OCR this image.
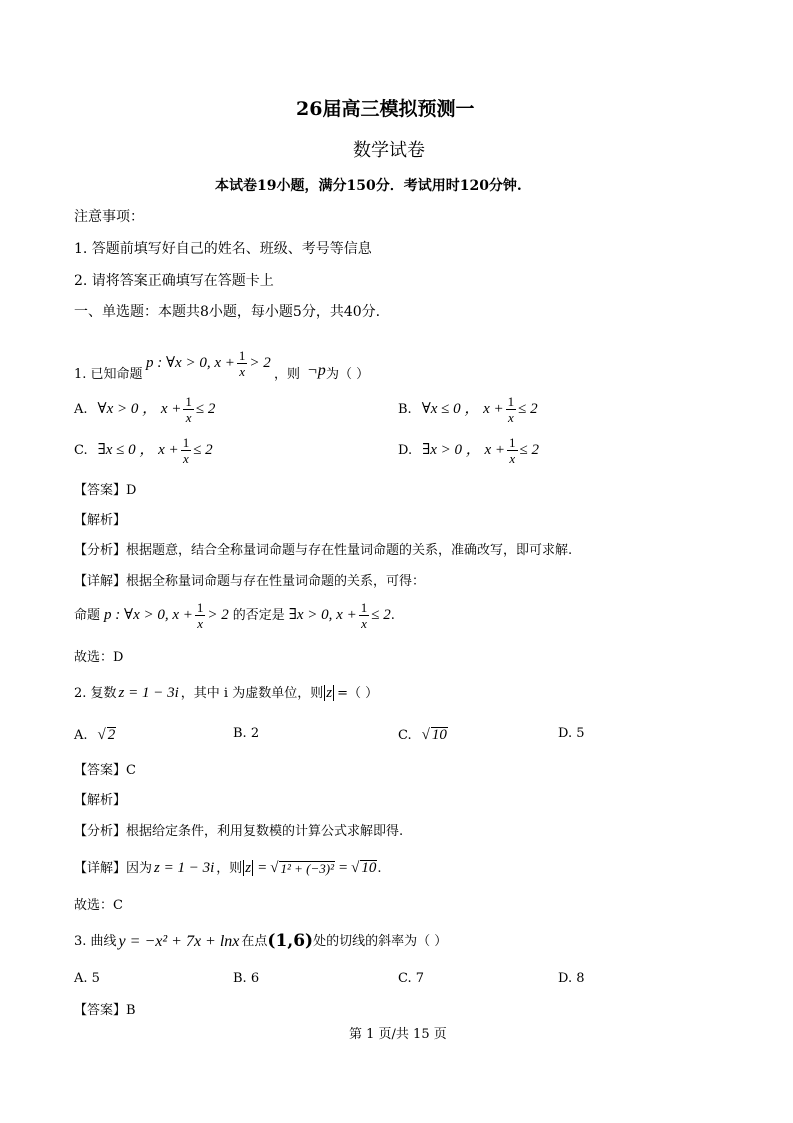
26届高三模拟预测一
数学试卷
本试卷19小题，满分150分．考试用时120分钟.
注意事项：
1. 答题前填写好自己的姓名、班级、考号等信息
2. 请将答案正确填写在答题卡上
一、单选题：本题共8小题，每小题5分，共40分.
1. 已知命题
p : ∀x > 0, $x + \frac{1}{x} > 2$
，则 ¬p 为（ ）
A. ∀x > 0 ， $x + \frac{1}{x} \le 2$	B. ∀x ≤ 0 ， $x + \frac{1}{x} \le 2$
C. ∃x ≤ 0 ， $x + \frac{1}{x} \le 2$	D. ∃x > 0 ， $x + \frac{1}{x} \le 2$
【答案】D
【解析】
【分析】根据题意，结合全称量词命题与存在性量词命题的关系，准确改写，即可求解.
【详解】根据全称量词命题与存在性量词命题的关系，可得：
命题 p : ∀x > 0, $x + \frac{1}{x} > 2$ 的否定是 ∃x > 0, $x + \frac{1}{x} \le 2$ .
故选：D
2. 复数 z = 1 − 3i ，其中 i 为虚数单位，则 z =（ ）
A. √ 2	B. 2	C. √ 10	D. 5
【答案】C
【解析】
【分析】根据给定条件，利用复数模的计算公式求解即得.
【详解】因为 z = 1 − 3i ，则 z = √ 1² + (−3)² = √ 10 .
故选：C
3. 曲线 y = −x² + 7x + lnx 在点 (1,6) 处的切线的斜率为（ ）
A. 5	B. 6	C. 7	D. 8
【答案】B
第 1 页/共 15 页
